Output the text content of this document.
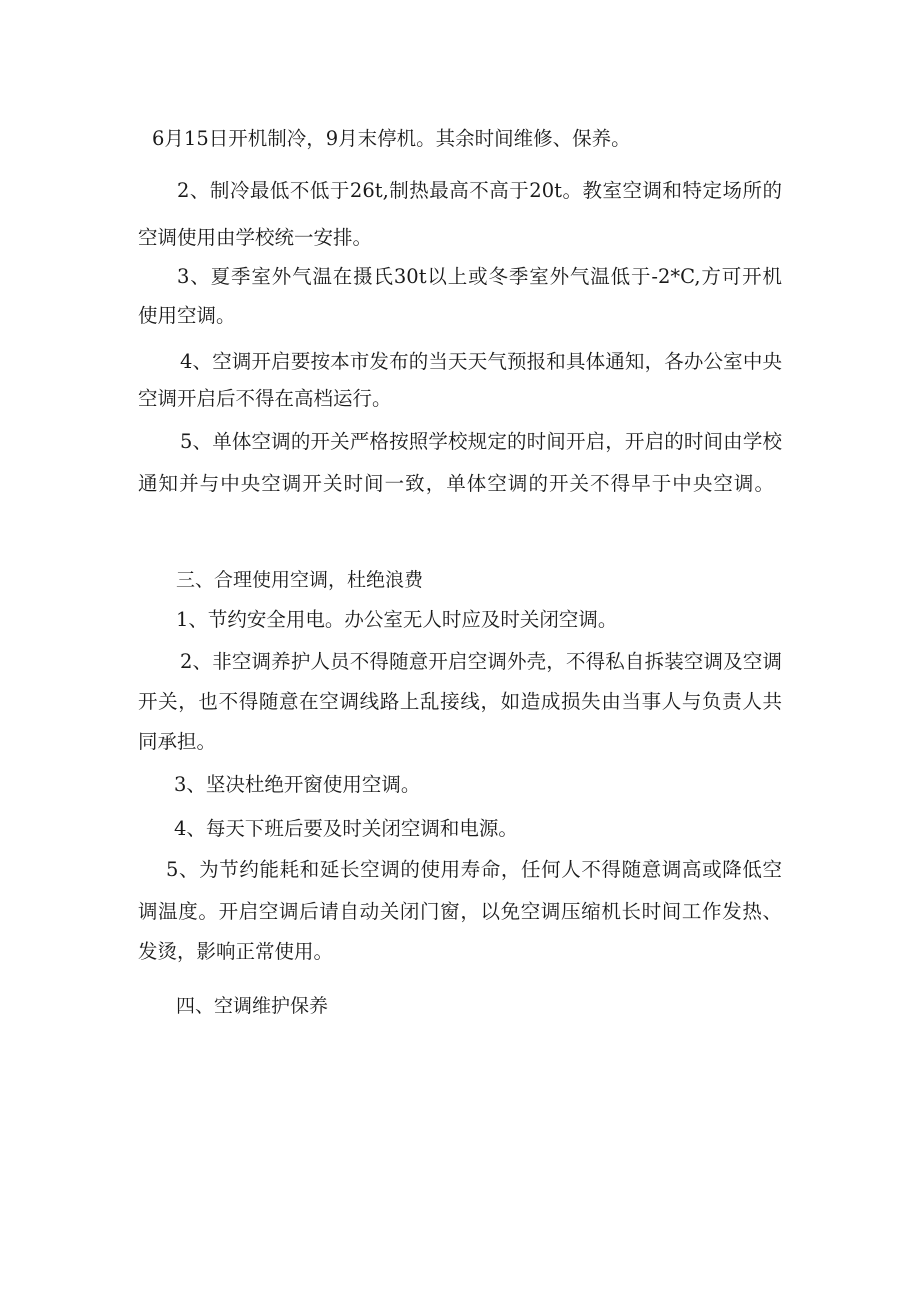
6月15日开机制冷，9月末停机。其余时间维修、保养。

2、制冷最低不低于26t,制热最高不高于20t。教室空调和特定场所的

空调使用由学校统一安排。

3、夏季室外气温在摄氏30t以上或冬季室外气温低于-2*C,方可开机

使用空调。

4、空调开启要按本市发布的当天天气预报和具体通知，各办公室中央

空调开启后不得在高档运行。

5、单体空调的开关严格按照学校规定的时间开启，开启的时间由学校

通知并与中央空调开关时间一致，单体空调的开关不得早于中央空调。

三、合理使用空调，杜绝浪费

1、节约安全用电。办公室无人时应及时关闭空调。

2、非空调养护人员不得随意开启空调外壳，不得私自拆装空调及空调

开关，也不得随意在空调线路上乱接线，如造成损失由当事人与负责人共

同承担。

3、坚决杜绝开窗使用空调。

4、每天下班后要及时关闭空调和电源。

5、为节约能耗和延长空调的使用寿命，任何人不得随意调高或降低空

调温度。开启空调后请自动关闭门窗，以免空调压缩机长时间工作发热、

发烫，影响正常使用。

四、空调维护保养
